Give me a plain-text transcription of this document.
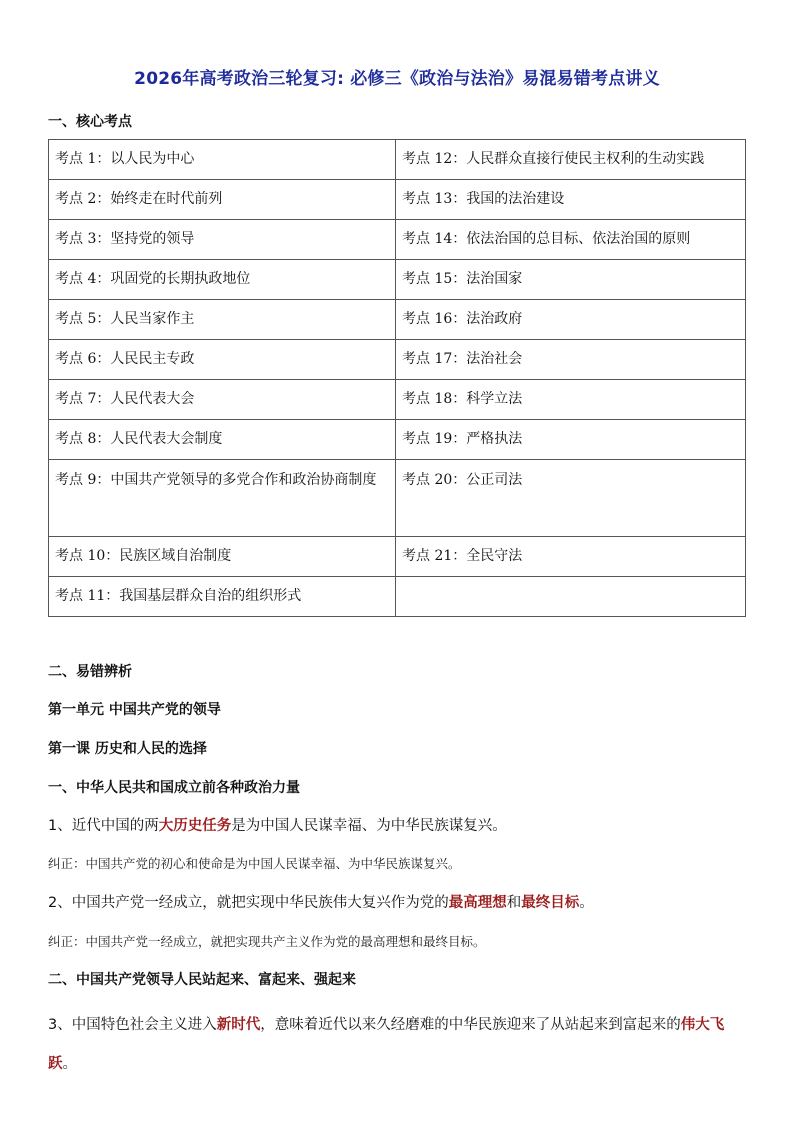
2026年高考政治三轮复习: 必修三《政治与法治》易混易错考点讲义
一、核心考点
考点 1：以人民为中心	考点 12：人民群众直接行使民主权利的生动实践
考点 2：始终走在时代前列	考点 13：我国的法治建设
考点 3：坚持党的领导	考点 14：依法治国的总目标、依法治国的原则
考点 4：巩固党的长期执政地位	考点 15：法治国家
考点 5：人民当家作主	考点 16：法治政府
考点 6：人民民主专政	考点 17：法治社会
考点 7：人民代表大会	考点 18：科学立法
考点 8：人民代表大会制度	考点 19：严格执法
考点 9：中国共产党领导的多党合作和政治协商制度	考点 20：公正司法
考点 10：民族区域自治制度	考点 21：全民守法
考点 11：我国基层群众自治的组织形式	
二、易错辨析
第一单元 中国共产党的领导
第一课 历史和人民的选择
一、中华人民共和国成立前各种政治力量
1、近代中国的两大历史任务是为中国人民谋幸福、为中华民族谋复兴。
纠正：中国共产党的初心和使命是为中国人民谋幸福、为中华民族谋复兴。
2、中国共产党一经成立，就把实现中华民族伟大复兴作为党的最高理想和最终目标。
纠正：中国共产党一经成立，就把实现共产主义作为党的最高理想和最终目标。
二、中国共产党领导人民站起来、富起来、强起来
3、中国特色社会主义进入新时代，意味着近代以来久经磨难的中华民族迎来了从站起来到富起来的伟大飞跃。
